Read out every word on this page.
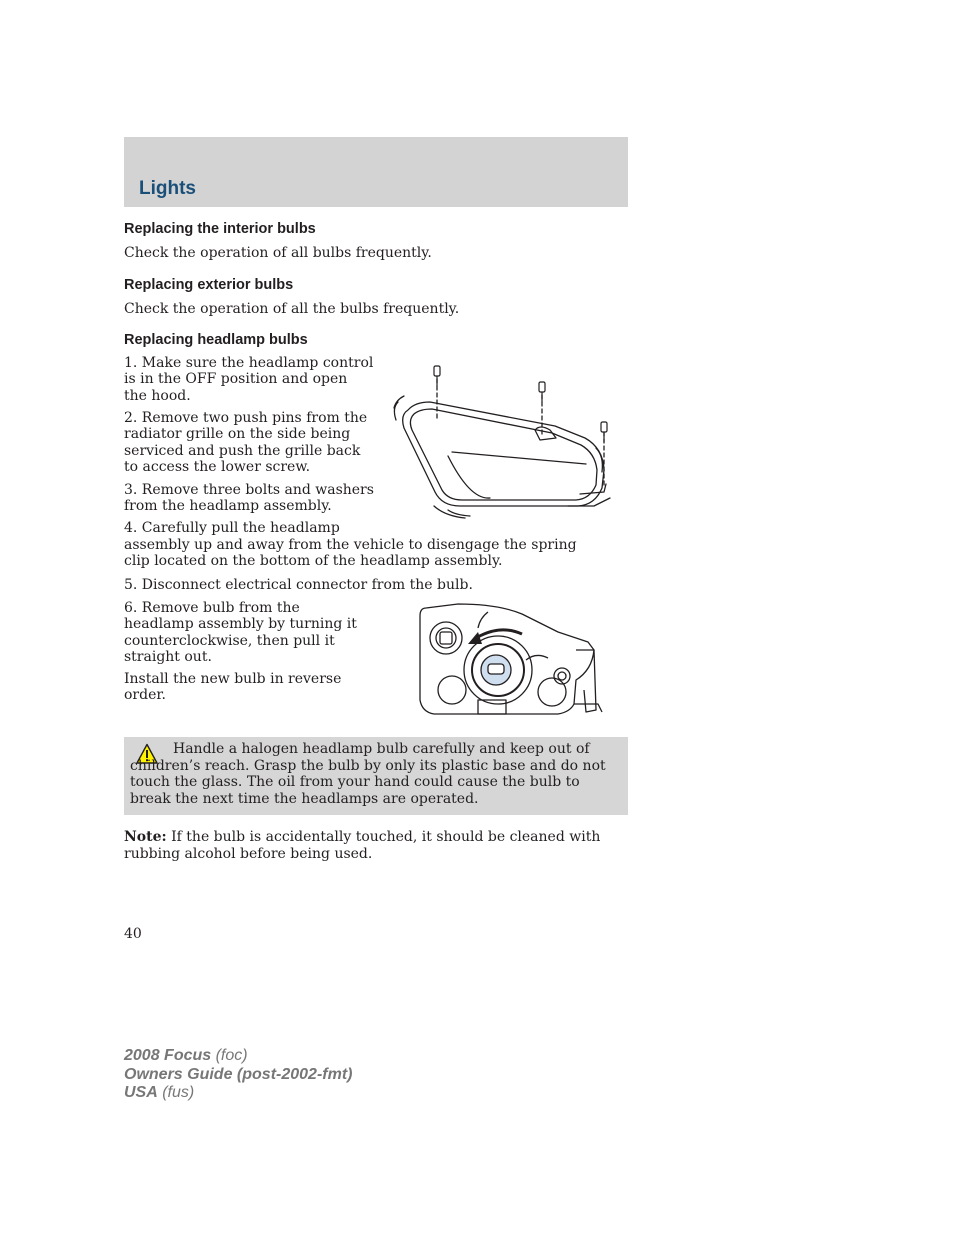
Lights
Replacing the interior bulbs

Check the operation of all bulbs frequently.

Replacing exterior bulbs

Check the operation of all the bulbs frequently.

Replacing headlamp bulbs

1. Make sure the headlamp control is in the OFF position and open the hood.

2. Remove two push pins from the radiator grille on the side being serviced and push the grille back to access the lower screw.

3. Remove three bolts and washers from the headlamp assembly.

4. Carefully pull the headlamp

assembly up and away from the vehicle to disengage the spring clip located on the bottom of the headlamp assembly.

5. Disconnect electrical connector from the bulb.

6. Remove bulb from the headlamp assembly by turning it counterclockwise, then pull it straight out.

Install the new bulb in reverse order.

Handle a halogen headlamp bulb carefully and keep out of children’s reach. Grasp the bulb by only its plastic base and do not touch the glass. The oil from your hand could cause the bulb to break the next time the headlamps are operated.

Note: If the bulb is accidentally touched, it should be cleaned with rubbing alcohol before being used.

40

2008 Focus (foc)
Owners Guide (post-2002-fmt)
USA (fus)
